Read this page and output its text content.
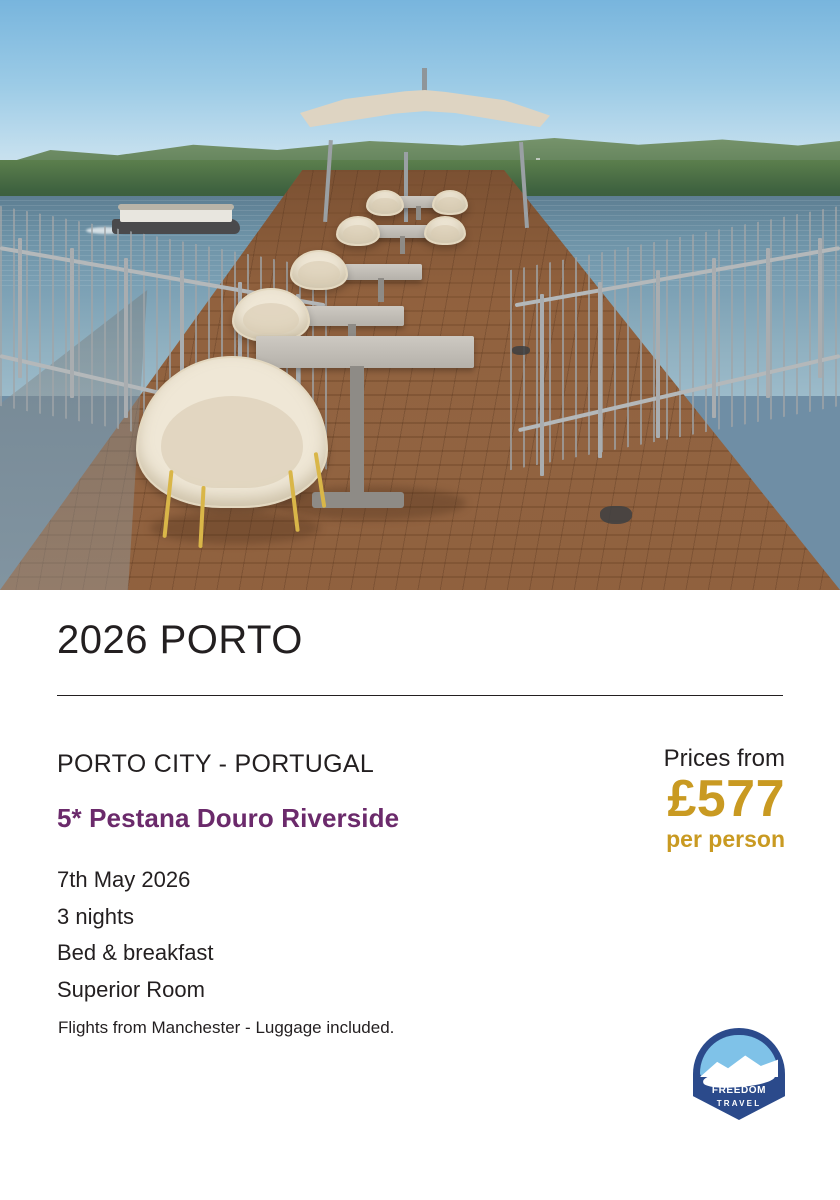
2026 PORTO
PORTO CITY - PORTUGAL
5* Pestana Douro Riverside
7th May 2026
3 nights
Bed & breakfast
Superior Room
Flights from Manchester - Luggage included.
Prices from
£577
per person
FREEDOM
TRAVEL
